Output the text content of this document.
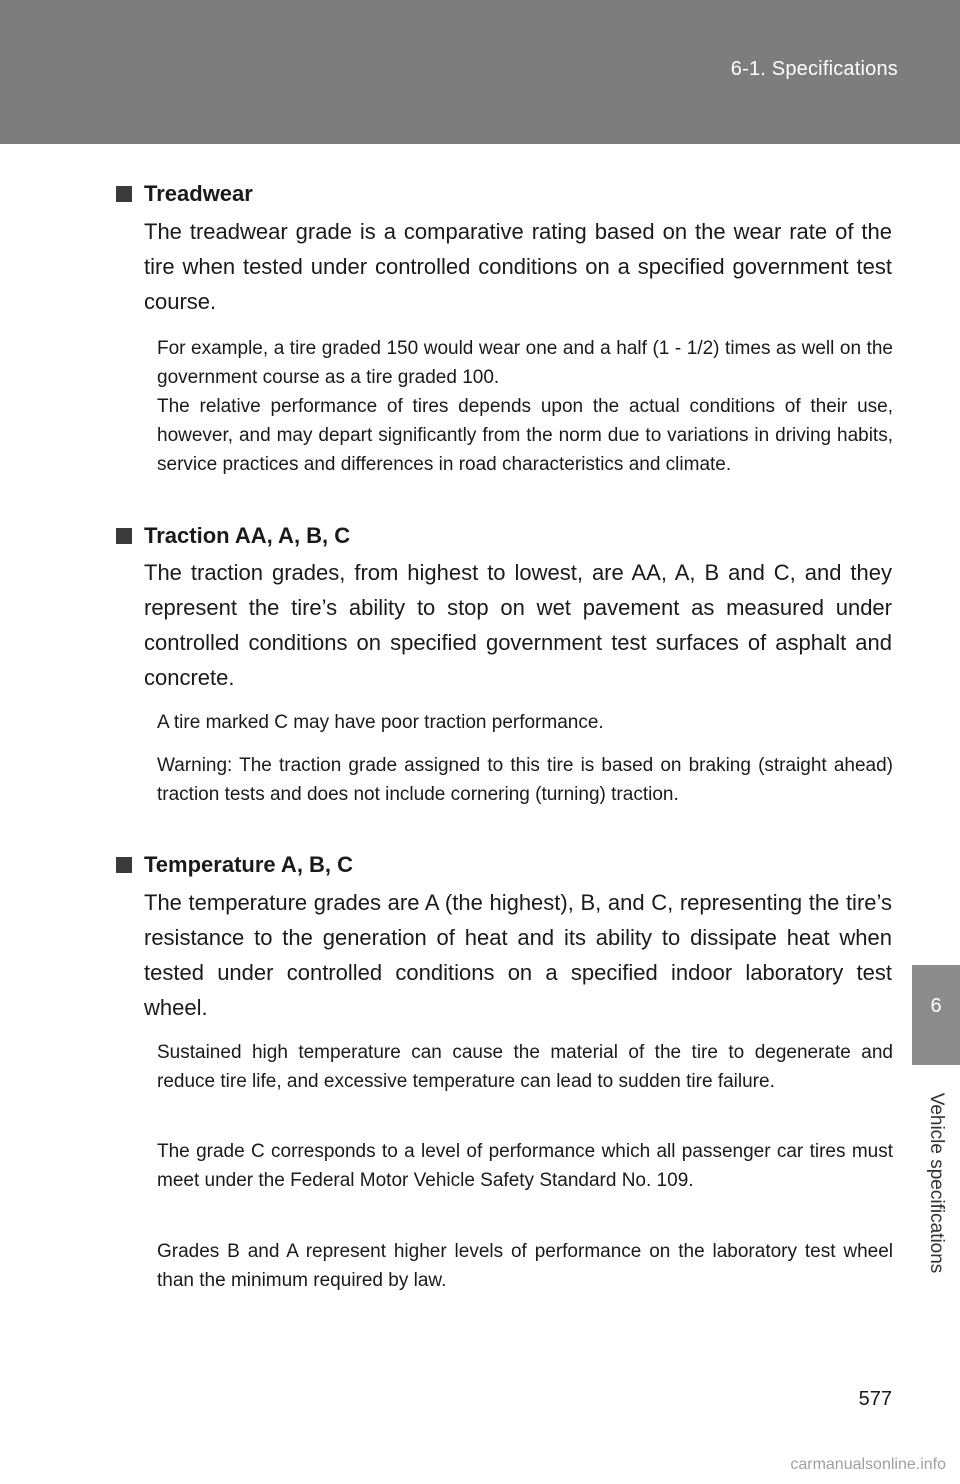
6-1. Specifications
6
Vehicle specifications
Treadwear
The treadwear grade is a comparative rating based on the wear rate of the tire when tested under controlled conditions on a specified government test course.
For example, a tire graded 150 would wear one and a half (1 - 1/2) times as well on the government course as a tire graded 100.
The relative performance of tires depends upon the actual conditions of their use, however, and may depart significantly from the norm due to variations in driving habits, service practices and differences in road characteristics and climate.
Traction AA, A, B, C
The traction grades, from highest to lowest, are AA, A, B and C, and they represent the tire’s ability to stop on wet pavement as measured under controlled conditions on specified government test surfaces of asphalt and concrete.
A tire marked C may have poor traction performance.
Warning: The traction grade assigned to this tire is based on braking (straight ahead) traction tests and does not include cornering (turning) traction.
Temperature A, B, C
The temperature grades are A (the highest), B, and C, representing the tire’s resistance to the generation of heat and its ability to dissipate heat when tested under controlled conditions on a specified indoor laboratory test wheel.
Sustained high temperature can cause the material of the tire to degenerate and reduce tire life, and excessive temperature can lead to sudden tire failure.
The grade C corresponds to a level of performance which all passenger car tires must meet under the Federal Motor Vehicle Safety Standard No. 109.
Grades B and A represent higher levels of performance on the laboratory test wheel than the minimum required by law.
577
carmanualsonline.info
